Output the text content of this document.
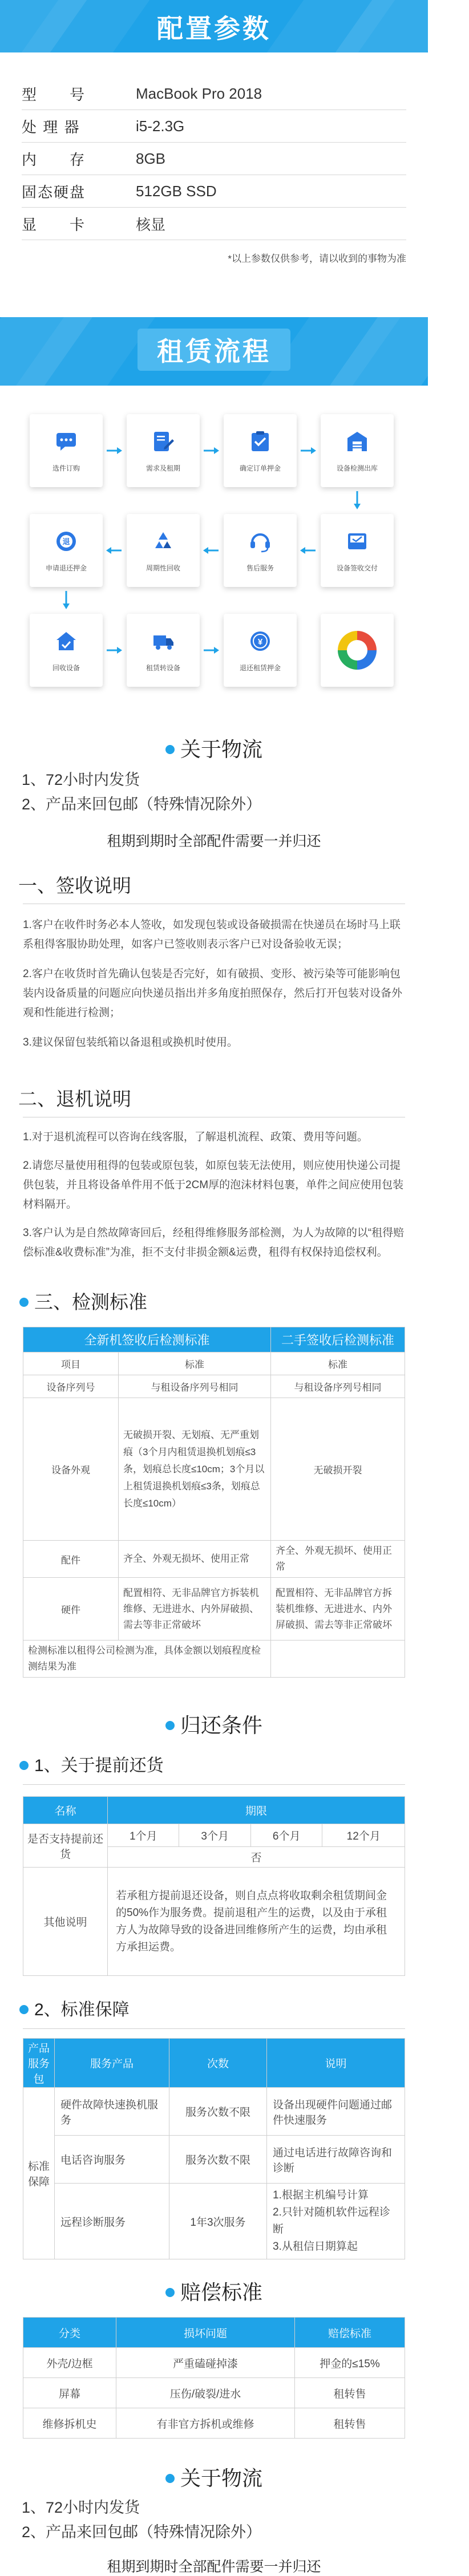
配置参数
型　　号	MacBook Pro 2018
处 理 器	i5-2.3G
内　　存	8GB
固态硬盘	512GB SSD
显　　卡	核显
*以上参数仅供参考，请以收到的事物为准
租赁流程
选件订购	需求及租期	确定订单押金	设备检测出库
退
申请退还押金	周期性回收	售后服务	设备签收交付
回收设备	租赁转设备
¥
退还租赁押金
关于物流
1、72小时内发货
2、产品来回包邮（特殊情况除外）
租期到期时全部配件需要一并归还
一、签收说明
1.客户在收件时务必本人签收，如发现包装或设备破损需在快递员在场时马上联系租得客服协助处理，如客户已签收则表示客户已对设备验收无误；
2.客户在收货时首先确认包装是否完好，如有破损、变形、被污染等可能影响包装内设备质量的问题应向快递员指出并多角度拍照保存，然后打开包装对设备外观和性能进行检测；
3.建议保留包装纸箱以备退租或换机时使用。
二、退机说明
1.对于退机流程可以咨询在线客服，了解退机流程、政策、费用等问题。
2.请您尽量使用租得的包装或原包装，如原包装无法使用，则应使用快递公司提供包装，并且将设备单件用不低于2CM厚的泡沫材料包裹，单件之间应使用包装材料隔开。
3.客户认为是自然故障寄回后，经租得维修服务部检测，为人为故障的以“租得赔偿标准&收费标准”为准，拒不支付非损金额&运费，租得有权保持追偿权利。
三、检测标准
全新机签收后检测标准		二手签收后检测标准
项目	标准	标准
设备序列号	与租设备序列号相同	与租设备序列号相同
设备外观	无破损开裂、无划痕、无严重划痕（3个月内租赁退换机划痕≤3条，划痕总长度≤10cm；3个月以上租赁退换机划痕≤3条，划痕总长度≤10cm）	无破损开裂
配件	齐全、外观无损坏、使用正常	齐全、外观无损坏、使用正常
硬件	配置相符、无非品牌官方拆装机维修、无进进水、内外屏破损、需去等非正常破坏	配置相符、无非品牌官方拆装机维修、无进进水、内外屏破损、需去等非正常破坏
检测标准以租得公司检测为准，具体金额以划痕程度检测结果为准		
归还条件
1、关于提前还货
名称	期限			
是否支持提前还货	1个月	3个月	6个月	12个月
	否			
其他说明	若承租方提前退还设备，则自点点将收取剩余租赁期间金的50%作为服务费。提前退租产生的运费，以及由于承租方人为故障导致的设备进回维修所产生的运费，均由承租方承担运费。			
2、标准保障
产品服务包	服务产品	次数	说明
标准保障	硬件故障快速换机服务	服务次数不限	设备出现硬件问题通过邮件快速服务
	电话咨询服务	服务次数不限	通过电话进行故障咨询和诊断
	远程诊断服务	1年3次服务	1.根据主机编号计算
2.只针对随机软件远程诊断
3.从租信日期算起
赔偿标准
分类	损坏问题	赔偿标准
外壳/边框	严重磕碰掉漆	押金的≤15%
屏幕	压伤/破裂/进水	租转售
维修拆机史	有非官方拆机或维修	租转售
关于物流
1、72小时内发货
2、产品来回包邮（特殊情况除外）
租期到期时全部配件需要一并归还
